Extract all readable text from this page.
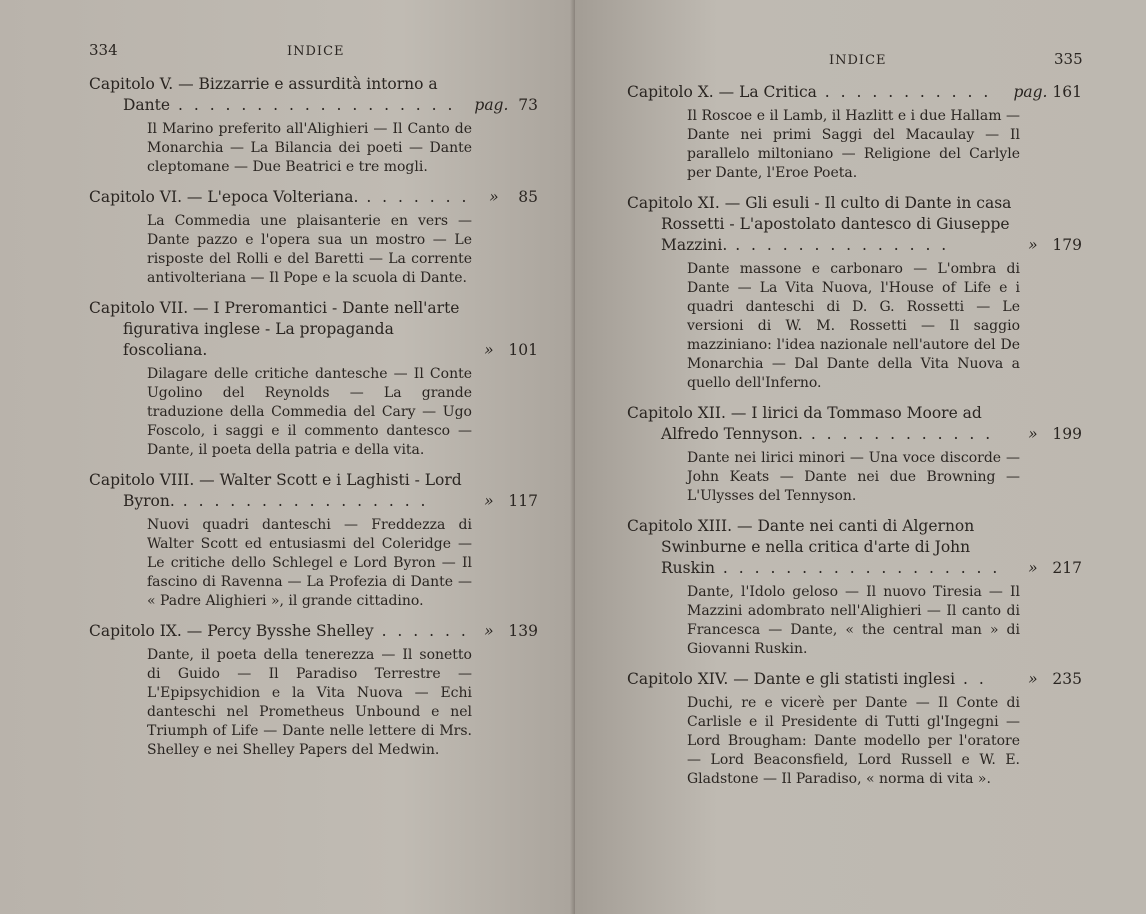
334	INDICE
Capitolo V. — Bizzarrie e assurdità intorno a Dante . . . . . . . . . . . . . . . . . . pag. 73
Il Marino preferito all'Alighieri — Il Canto de Monarchia — La Bilancia dei poeti — Dante cleptomane — Due Beatrici e tre mogli.
Capitolo VI. — L'epoca Volteriana. . . . . . . . » 85
La Commedia une plaisanterie en vers — Dante pazzo e l'opera sua un mostro — Le risposte del Rolli e del Baretti — La corrente antivolteriana — Il Pope e la scuola di Dante.
Capitolo VII. — I Preromantici - Dante nell'arte figurativa inglese - La propaganda foscoliana.	» 101
Dilagare delle critiche dantesche — Il Conte Ugolino del Reynolds — La grande traduzione della Commedia del Cary — Ugo Foscolo, i saggi e il commento dantesco — Dante, il poeta della patria e della vita.
Capitolo VIII. — Walter Scott e i Laghisti - Lord Byron. . . . . . . . . . . . . . . . .	» 117
Nuovi quadri danteschi — Freddezza di Walter Scott ed entusiasmi del Coleridge — Le critiche dello Schlegel e Lord Byron — Il fascino di Ravenna — La Profezia di Dante — « Padre Alighieri », il grande cittadino.
Capitolo IX. — Percy Bysshe Shelley . . . . . . » 139
Dante, il poeta della tenerezza — Il sonetto di Guido — Il Paradiso Terrestre — L'Epipsychidion e la Vita Nuova — Echi danteschi nel Prometheus Unbound e nel Triumph of Life — Dante nelle lettere di Mrs. Shelley e nei Shelley Papers del Medwin.
INDICE	335
Capitolo X. — La Critica . . . . . . . . . . . pag. 161
Il Roscoe e il Lamb, il Hazlitt e i due Hallam — Dante nei primi Saggi del Macaulay — Il parallelo miltoniano — Religione del Carlyle per Dante, l'Eroe Poeta.
Capitolo XI. — Gli esuli - Il culto di Dante in casa Rossetti - L'apostolato dantesco di Giuseppe Mazzini. . . . . . . . . . . . . . .	» 179
Dante massone e carbonaro — L'ombra di Dante — La Vita Nuova, l'House of Life e i quadri danteschi di D. G. Rossetti — Le versioni di W. M. Rossetti — Il saggio mazziniano: l'idea nazionale nell'autore del De Monarchia — Dal Dante della Vita Nuova a quello dell'Inferno.
Capitolo XII. — I lirici da Tommaso Moore ad Alfredo Tennyson. . . . . . . . . . . . . » 199
Dante nei lirici minori — Una voce discorde — John Keats — Dante nei due Browning — L'Ulysses del Tennyson.
Capitolo XIII. — Dante nei canti di Algernon Swinburne e nella critica d'arte di John Ruskin . . . . . . . . . . . . . . . . . . » 217
Dante, l'Idolo geloso — Il nuovo Tiresia — Il Mazzini adombrato nell'Alighieri — Il canto di Francesca — Dante, « the central man » di Giovanni Ruskin.
Capitolo XIV. — Dante e gli statisti inglesi . .	» 235
Duchi, re e vicerè per Dante — Il Conte di Carlisle e il Presidente di Tutti gl'Ingegni — Lord Brougham: Dante modello per l'oratore — Lord Beaconsfield, Lord Russell e W. E. Gladstone — Il Paradiso, « norma di vita ».
